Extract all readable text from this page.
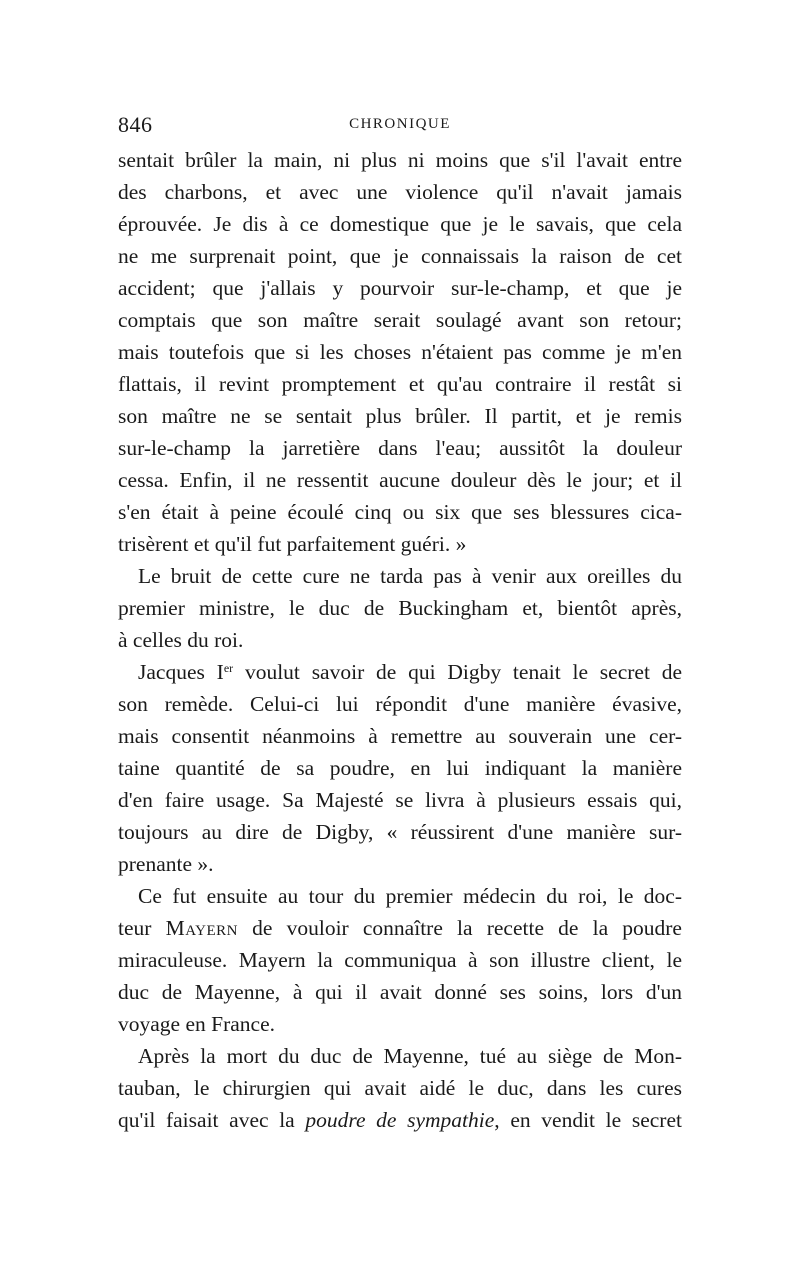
846	CHRONIQUE
sentait brûler la main, ni plus ni moins que s'il l'avait entre
des charbons, et avec une violence qu'il n'avait jamais
éprouvée. Je dis à ce domestique que je le savais, que cela
ne me surprenait point, que je connaissais la raison de cet
accident; que j'allais y pourvoir sur-le-champ, et que je
comptais que son maître serait soulagé avant son retour;
mais toutefois que si les choses n'étaient pas comme je m'en
flattais, il revint promptement et qu'au contraire il restât si
son maître ne se sentait plus brûler. Il partit, et je remis
sur-le-champ la jarretière dans l'eau; aussitôt la douleur
cessa. Enfin, il ne ressentit aucune douleur dès le jour; et il
s'en était à peine écoulé cinq ou six que ses blessures cica-
trisèrent et qu'il fut parfaitement guéri. »
Le bruit de cette cure ne tarda pas à venir aux oreilles du
premier ministre, le duc de Buckingham et, bientôt après,
à celles du roi.
Jacques Ier voulut savoir de qui Digby tenait le secret de
son remède. Celui-ci lui répondit d'une manière évasive,
mais consentit néanmoins à remettre au souverain une cer-
taine quantité de sa poudre, en lui indiquant la manière
d'en faire usage. Sa Majesté se livra à plusieurs essais qui,
toujours au dire de Digby, « réussirent d'une manière sur-
prenante ».
Ce fut ensuite au tour du premier médecin du roi, le doc-
teur Mayern de vouloir connaître la recette de la poudre
miraculeuse. Mayern la communiqua à son illustre client, le
duc de Mayenne, à qui il avait donné ses soins, lors d'un
voyage en France.
Après la mort du duc de Mayenne, tué au siège de Mon-
tauban, le chirurgien qui avait aidé le duc, dans les cures
qu'il faisait avec la poudre de sympathie, en vendit le secret
